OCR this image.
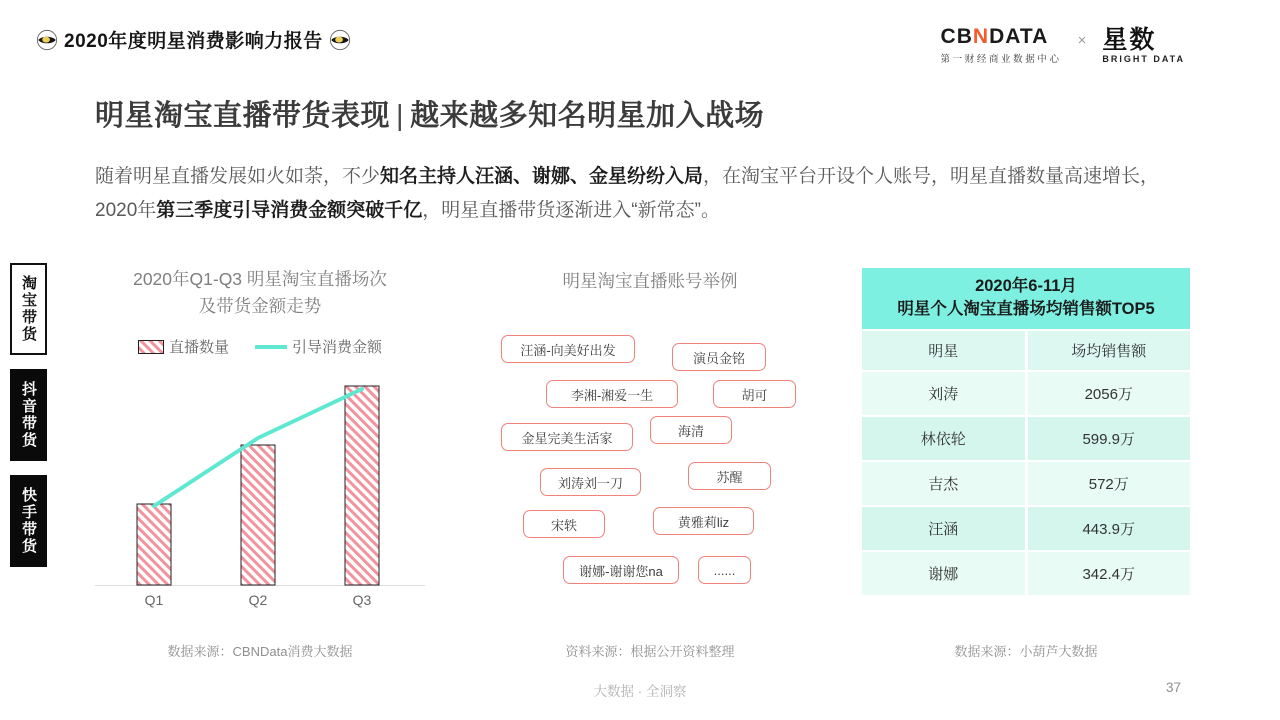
2020年度明星消费影响力报告	CBNDATA
第一财经商业数据中心
× 星数
BRIGHT DATA
明星淘宝直播带货表现 | 越来越多知名明星加入战场

随着明星直播发展如火如荼，不少知名主持人汪涵、谢娜、金星纷纷入局，在淘宝平台开设个人账号，明星直播数量高速增长，2020年第三季度引导消费金额突破千亿，明星直播带货逐渐进入“新常态”。

淘宝带货
抖音带货
快手带货
2020年Q1-Q3 明星淘宝直播场次
及带货金额走势
直播数量	引导消费金额
Q1	Q2	Q3
明星淘宝直播账号举例
汪涵-向美好出发
演员金铭
李湘-湘爱一生	胡可
金星完美生活家	海清
刘涛刘一刀	苏醒
宋轶	黄雅莉liz
谢娜-谢谢您na	......
2020年6-11月
明星个人淘宝直播场均销售额TOP5
明星	场均销售额
刘涛	2056万
林依轮	599.9万
吉杰	572万
汪涵	443.9万
谢娜	342.4万
数据来源：CBNData消费大数据	资料来源：根据公开资料整理	数据来源：小葫芦大数据
大数据 · 全洞察	37
